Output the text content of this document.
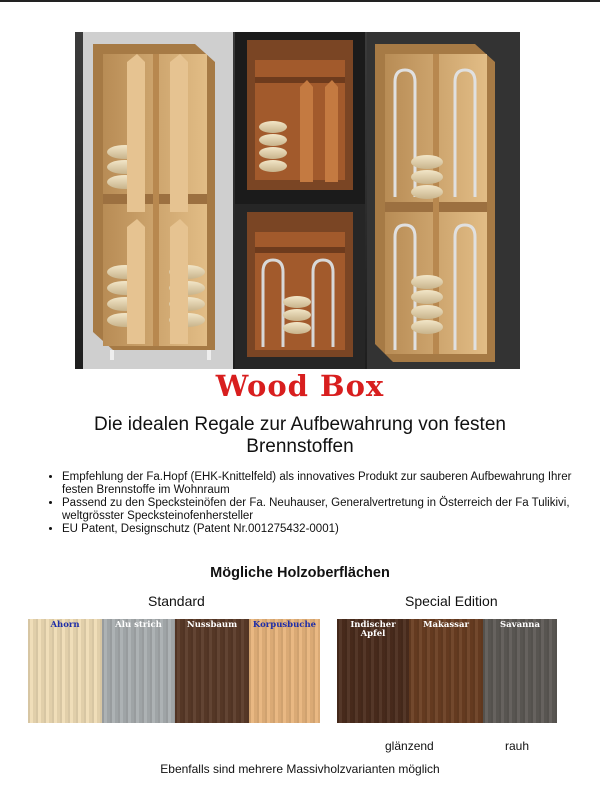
Wood Box
Die idealen Regale zur Aufbewahrung von festen Brennstoffen
• Empfehlung der Fa.Hopf (EHK-Knittelfeld) als innovatives Produkt zur sauberen Aufbewahrung Ihrer festen Brennstoffe im Wohnraum
• Passend zu den Specksteinöfen der Fa. Neuhauser, Generalvertretung in Österreich der Fa Tulikivi, weltgrösster Specksteinofenhersteller
• EU Patent, Designschutz (Patent Nr.001275432-0001)
Mögliche Holzoberflächen
Standard	Special Edition
Ahorn	Alu strich	Nussbaum	Korpusbuche	Indischer Apfel
Makassar	Savanna
glänzend	rauh
Ebenfalls sind mehrere Massivholzvarianten möglich
